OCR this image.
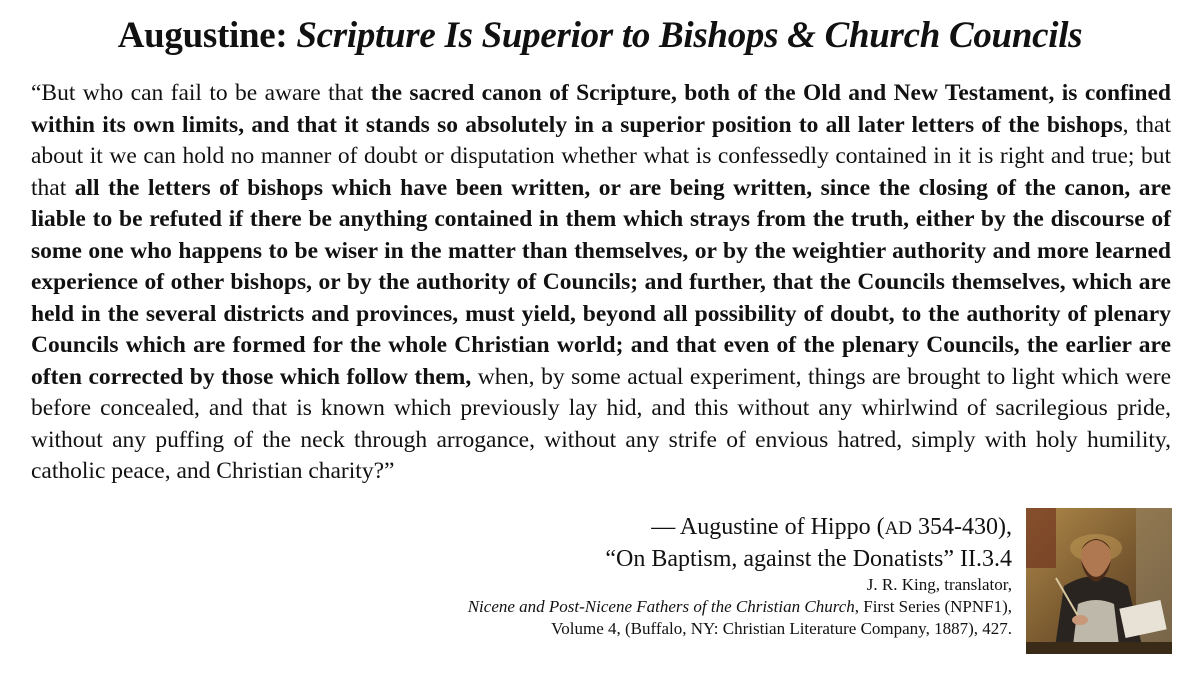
Augustine: Scripture Is Superior to Bishops & Church Councils
“But who can fail to be aware that the sacred canon of Scripture, both of the Old and New Testament, is confined within its own limits, and that it stands so absolutely in a superior position to all later letters of the bishops, that about it we can hold no manner of doubt or disputation whether what is confessedly contained in it is right and true; but that all the letters of bishops which have been written, or are being written, since the closing of the canon, are liable to be refuted if there be anything contained in them which strays from the truth, either by the discourse of some one who happens to be wiser in the matter than themselves, or by the weightier authority and more learned experience of other bishops, or by the authority of Councils; and further, that the Councils themselves, which are held in the several districts and provinces, must yield, beyond all possibility of doubt, to the authority of plenary Councils which are formed for the whole Christian world; and that even of the plenary Councils, the earlier are often corrected by those which follow them, when, by some actual experiment, things are brought to light which were before concealed, and that is known which previously lay hid, and this without any whirlwind of sacrilegious pride, without any puffing of the neck through arrogance, without any strife of envious hatred, simply with holy humility, catholic peace, and Christian charity?”
— Augustine of Hippo (AD 354-430),
“On Baptism, against the Donatists” II.3.4
J. R. King, translator,
Nicene and Post-Nicene Fathers of the Christian Church, First Series (NPNF1),
Volume 4, (Buffalo, NY: Christian Literature Company, 1887), 427.
